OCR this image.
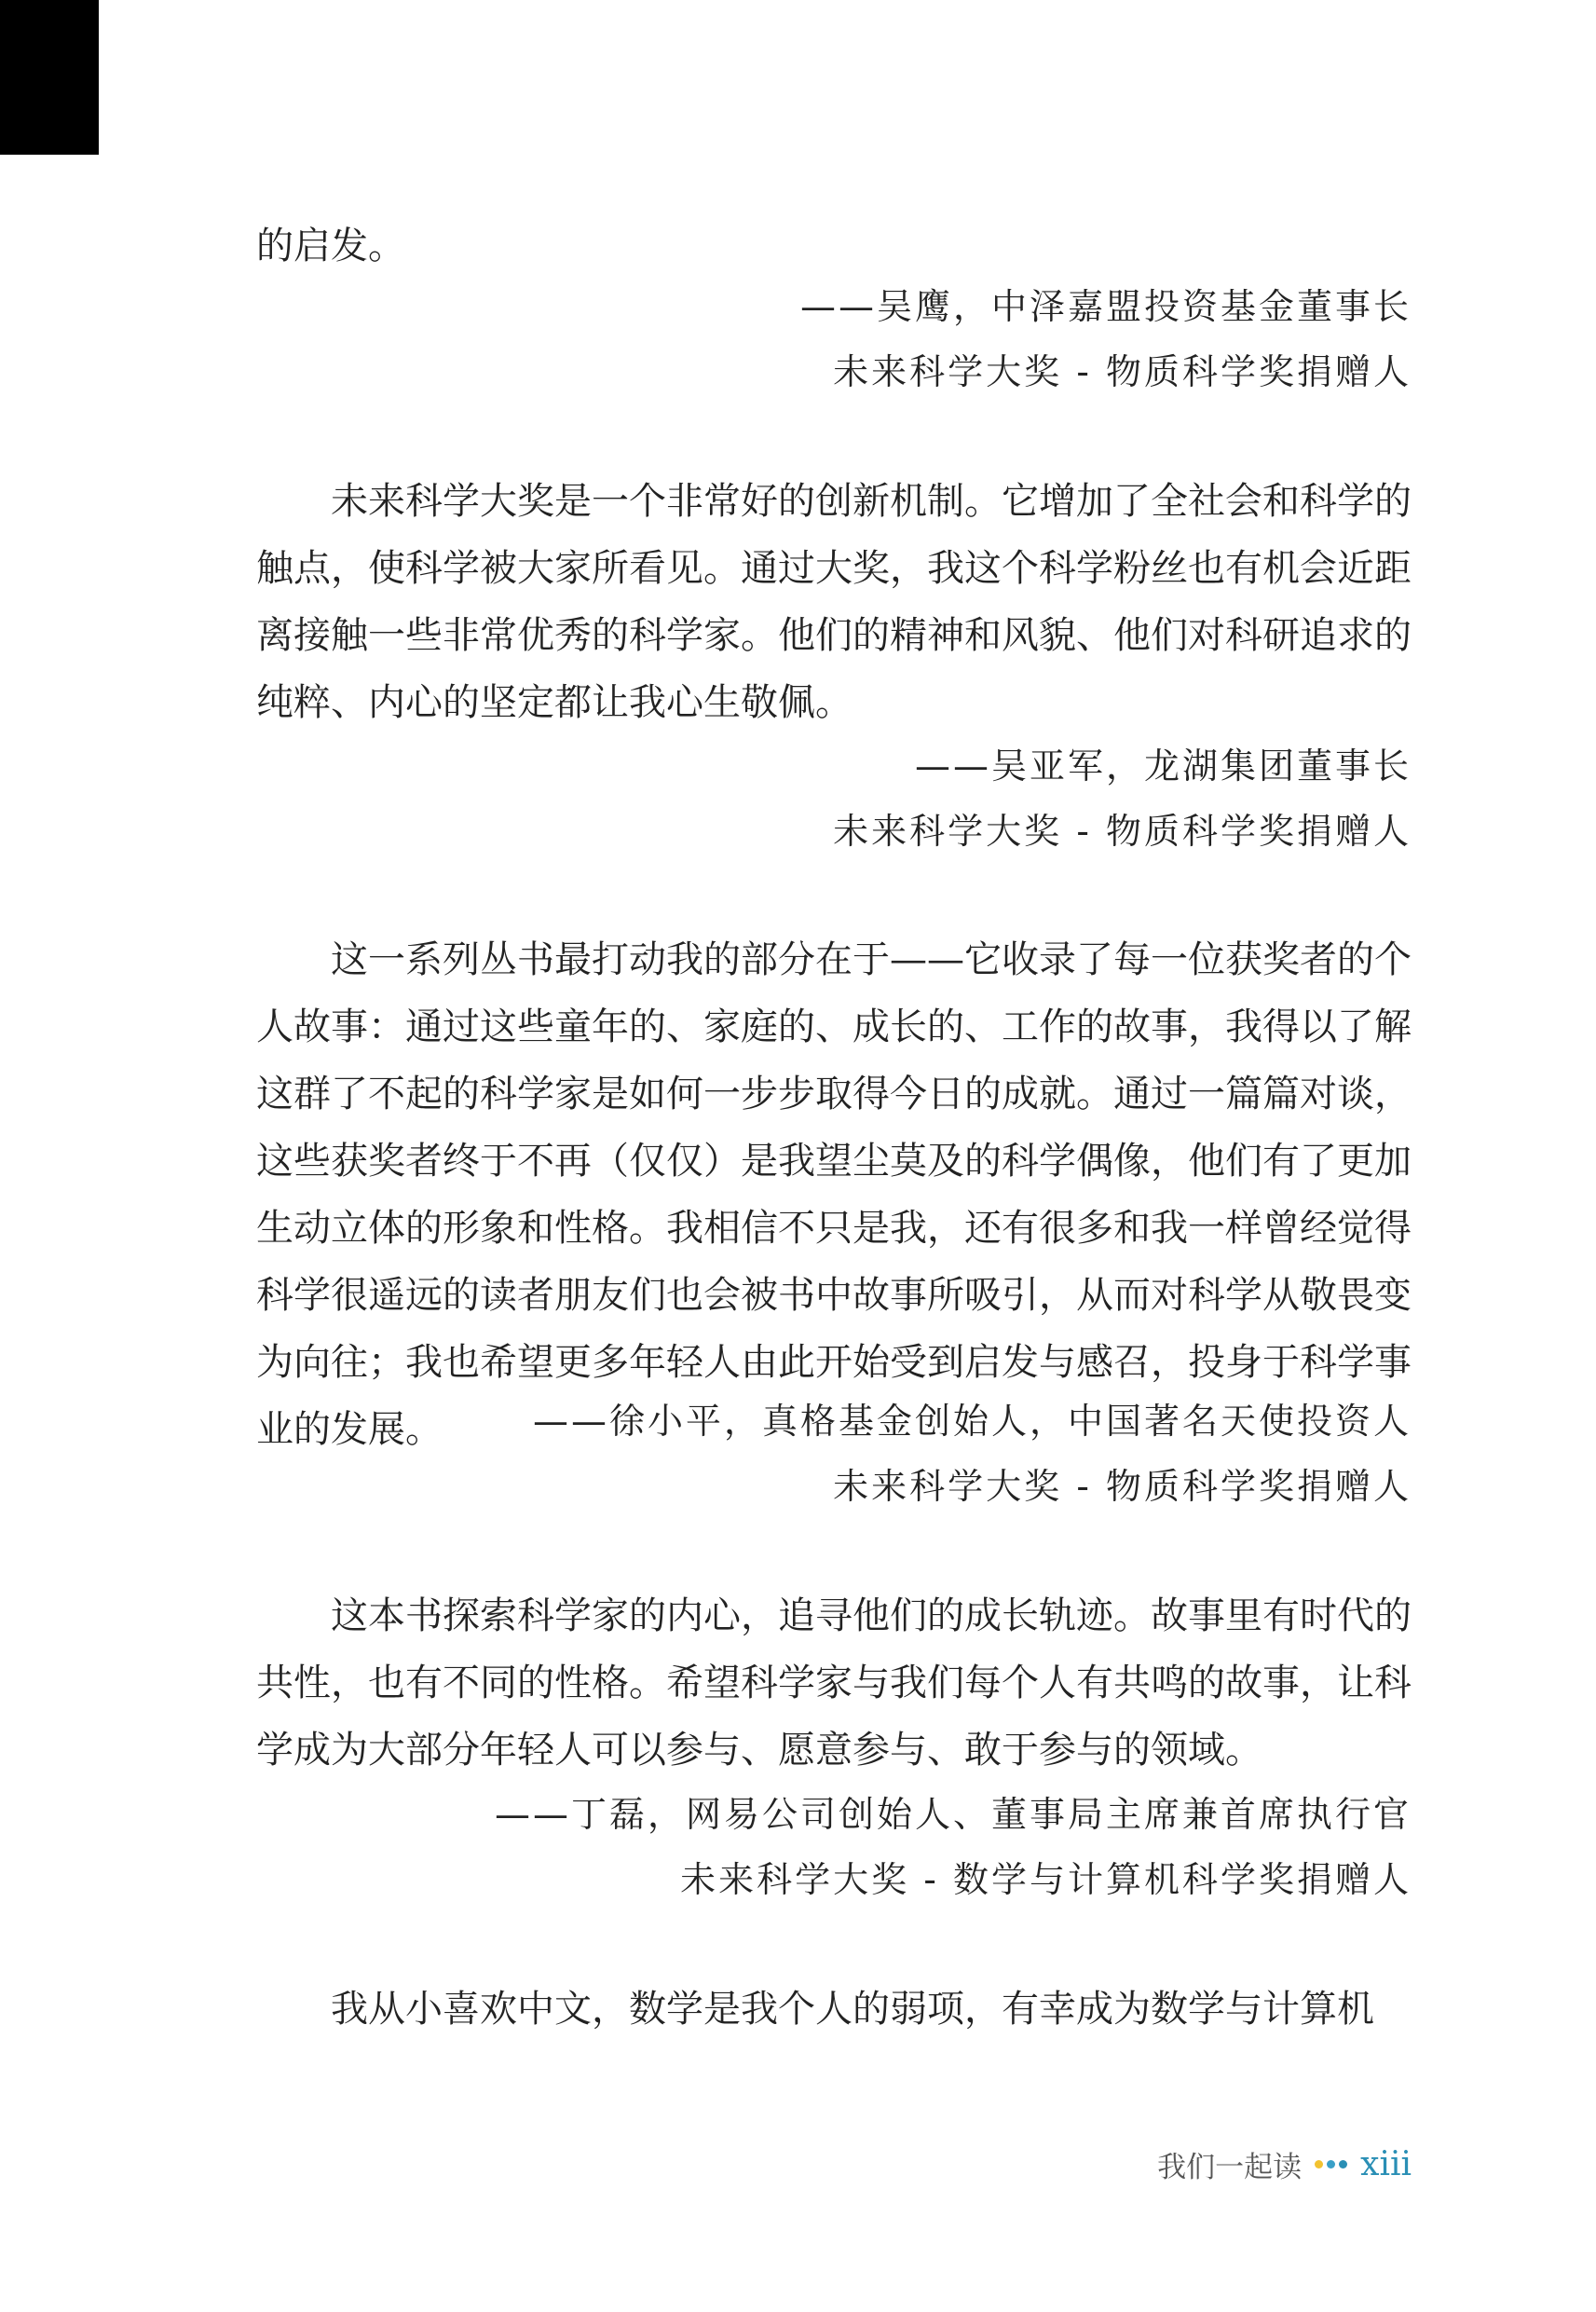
的启发。

——吴鹰，中泽嘉盟投资基金董事长

未来科学大奖 - 物质科学奖捐赠人

未来科学大奖是一个非常好的创新机制。它增加了全社会和科学的触点，使科学被大家所看见。通过大奖，我这个科学粉丝也有机会近距离接触一些非常优秀的科学家。他们的精神和风貌、他们对科研追求的纯粹、内心的坚定都让我心生敬佩。

——吴亚军，龙湖集团董事长

未来科学大奖 - 物质科学奖捐赠人

这一系列丛书最打动我的部分在于——它收录了每一位获奖者的个人故事：通过这些童年的、家庭的、成长的、工作的故事，我得以了解这群了不起的科学家是如何一步步取得今日的成就。通过一篇篇对谈，这些获奖者终于不再（仅仅）是我望尘莫及的科学偶像，他们有了更加生动立体的形象和性格。我相信不只是我，还有很多和我一样曾经觉得科学很遥远的读者朋友们也会被书中故事所吸引，从而对科学从敬畏变为向往；我也希望更多年轻人由此开始受到启发与感召，投身于科学事业的发展。	——徐小平，真格基金创始人，中国著名天使投资人

未来科学大奖 - 物质科学奖捐赠人

这本书探索科学家的内心，追寻他们的成长轨迹。故事里有时代的共性，也有不同的性格。希望科学家与我们每个人有共鸣的故事，让科学成为大部分年轻人可以参与、愿意参与、敢于参与的领域。

——丁磊，网易公司创始人、董事局主席兼首席执行官

未来科学大奖 - 数学与计算机科学奖捐赠人

我从小喜欢中文，数学是我个人的弱项，有幸成为数学与计算机

我们一起读 xiii
